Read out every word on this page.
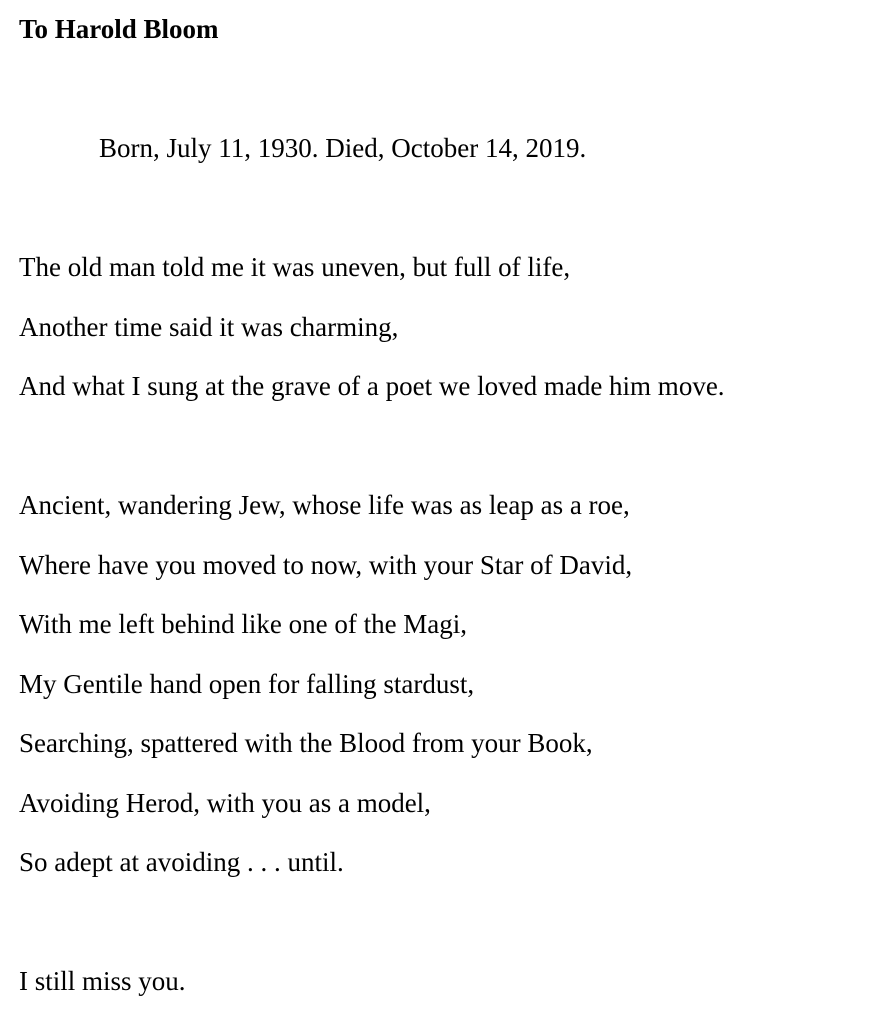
To Harold Bloom
Born, July 11, 1930. Died, October 14, 2019.
The old man told me it was uneven, but full of life,
Another time said it was charming,
And what I sung at the grave of a poet we loved made him move.
Ancient, wandering Jew, whose life was as leap as a roe,
Where have you moved to now, with your Star of David,
With me left behind like one of the Magi,
My Gentile hand open for falling stardust,
Searching, spattered with the Blood from your Book,
Avoiding Herod, with you as a model,
So adept at avoiding . . . until.
I still miss you.
